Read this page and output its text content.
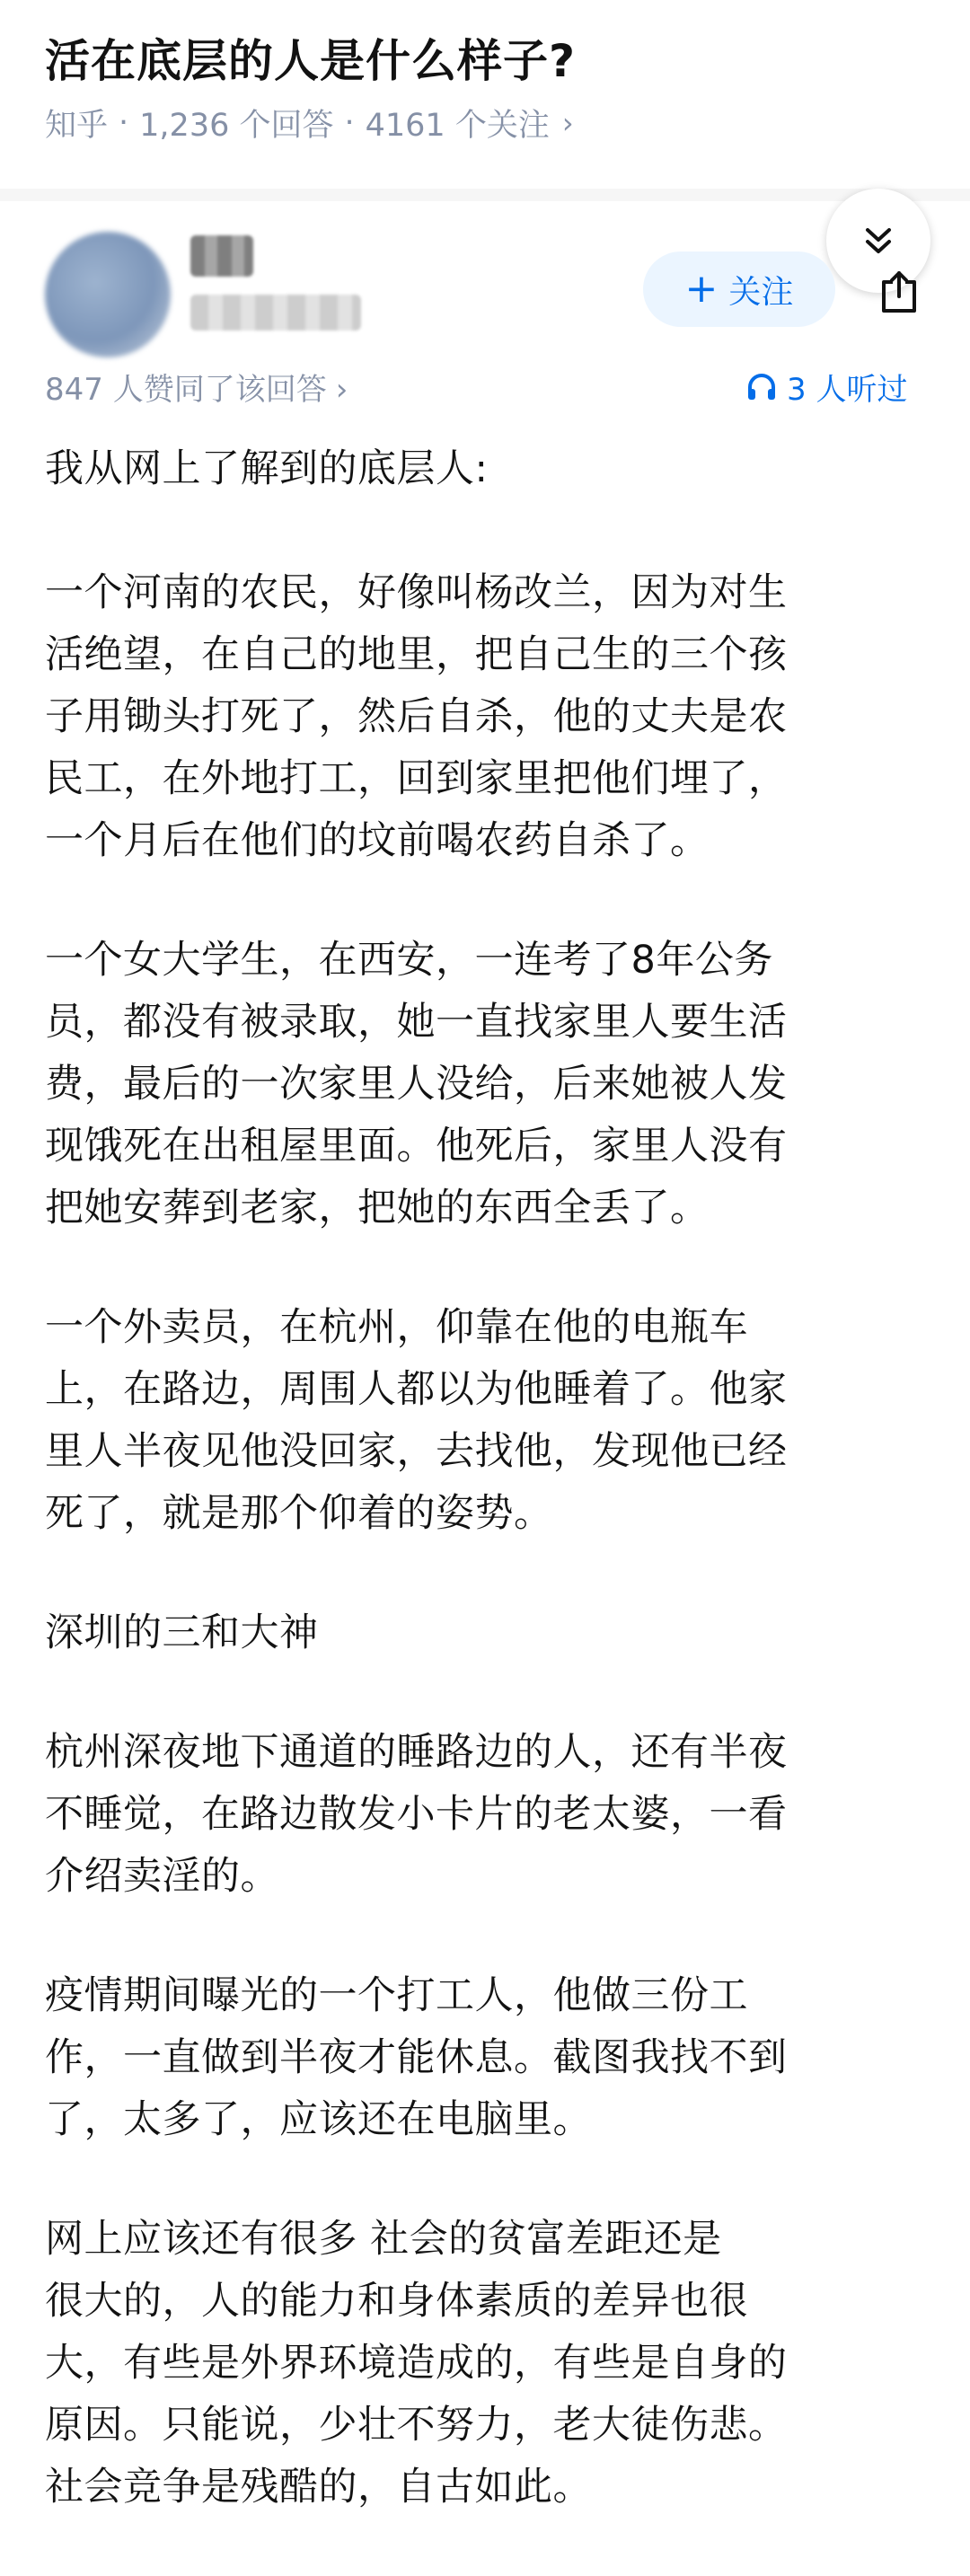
活在底层的人是什么样子?
知乎 · 1,236 个回答 · 4161 个关注 ›
+ 关注
847 人赞同了该回答 ›	3 人听过

我从网上了解到的底层人:

一个河南的农民，好像叫杨改兰，因为对生
活绝望，在自己的地里，把自己生的三个孩
子用锄头打死了，然后自杀，他的丈夫是农
民工，在外地打工，回到家里把他们埋了，
一个月后在他们的坟前喝农药自杀了。

一个女大学生，在西安，一连考了8年公务
员，都没有被录取，她一直找家里人要生活
费，最后的一次家里人没给，后来她被人发
现饿死在出租屋里面。他死后，家里人没有
把她安葬到老家，把她的东西全丢了。

一个外卖员，在杭州，仰靠在他的电瓶车
上，在路边，周围人都以为他睡着了。他家
里人半夜见他没回家，去找他，发现他已经
死了，就是那个仰着的姿势。

深圳的三和大神

杭州深夜地下通道的睡路边的人，还有半夜
不睡觉，在路边散发小卡片的老太婆，一看
介绍卖淫的。

疫情期间曝光的一个打工人，他做三份工
作，一直做到半夜才能休息。截图我找不到
了，太多了，应该还在电脑里。

网上应该还有很多 社会的贫富差距还是
很大的，人的能力和身体素质的差异也很
大，有些是外界环境造成的，有些是自身的
原因。只能说，少壮不努力，老大徒伤悲。
社会竞争是残酷的，自古如此。
